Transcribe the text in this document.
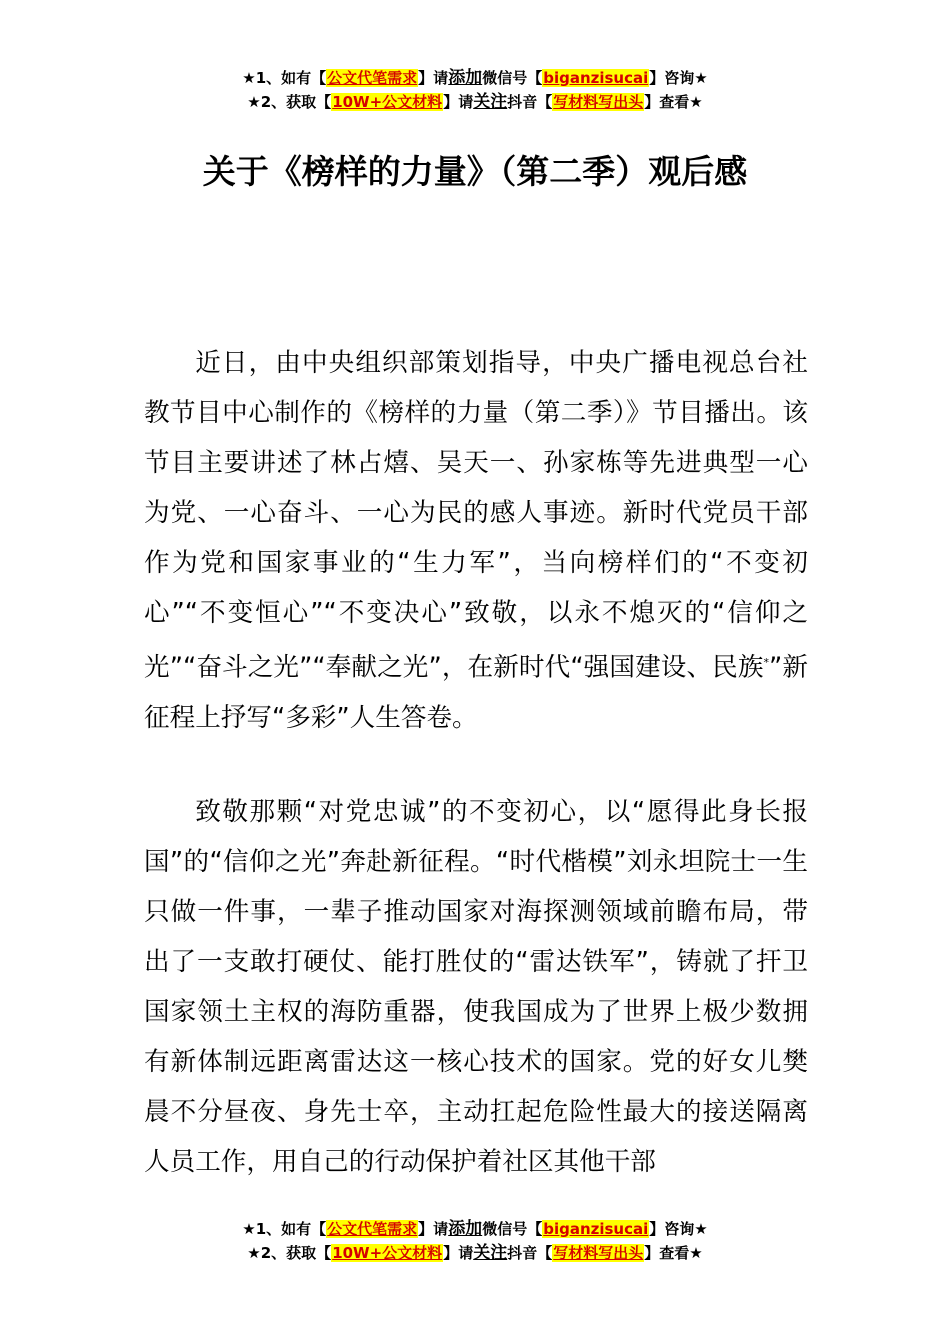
★1、如有【公文代笔需求】请添加微信号【biganzisucai】咨询★
★2、获取【10W+公文材料】请关注抖音【写材料写出头】查看★
关于《榜样的力量》（第二季）观后感

近日，由中央组织部策划指导，中央广播电视总台社教节目中心制作的《榜样的力量（第二季）》节目播出。该节目主要讲述了林占熺、吴天一、孙家栋等先进典型一心为党、一心奋斗、一心为民的感人事迹。新时代党员干部作为党和国家事业的“生力军”，当向榜样们的“不变初心”“不变恒心”“不变决心”致敬，以永不熄灭的“信仰之光”“奋斗之光”“奉献之光”，在新时代“强国建设、民族*”新征程上抒写“多彩”人生答卷。

致敬那颗“对党忠诚”的不变初心，以“愿得此身长报国”的“信仰之光”奔赴新征程。“时代楷模”刘永坦院士一生只做一件事，一辈子推动国家对海探测领域前瞻布局，带出了一支敢打硬仗、能打胜仗的“雷达铁军”，铸就了扞卫国家领土主权的海防重器，使我国成为了世界上极少数拥有新体制远距离雷达这一核心技术的国家。党的好女儿樊晨不分昼夜、身先士卒，主动扛起危险性最大的接送隔离人员工作，用自己的行动保护着社区其他干部

★1、如有【公文代笔需求】请添加微信号【biganzisucai】咨询★
★2、获取【10W+公文材料】请关注抖音【写材料写出头】查看★
